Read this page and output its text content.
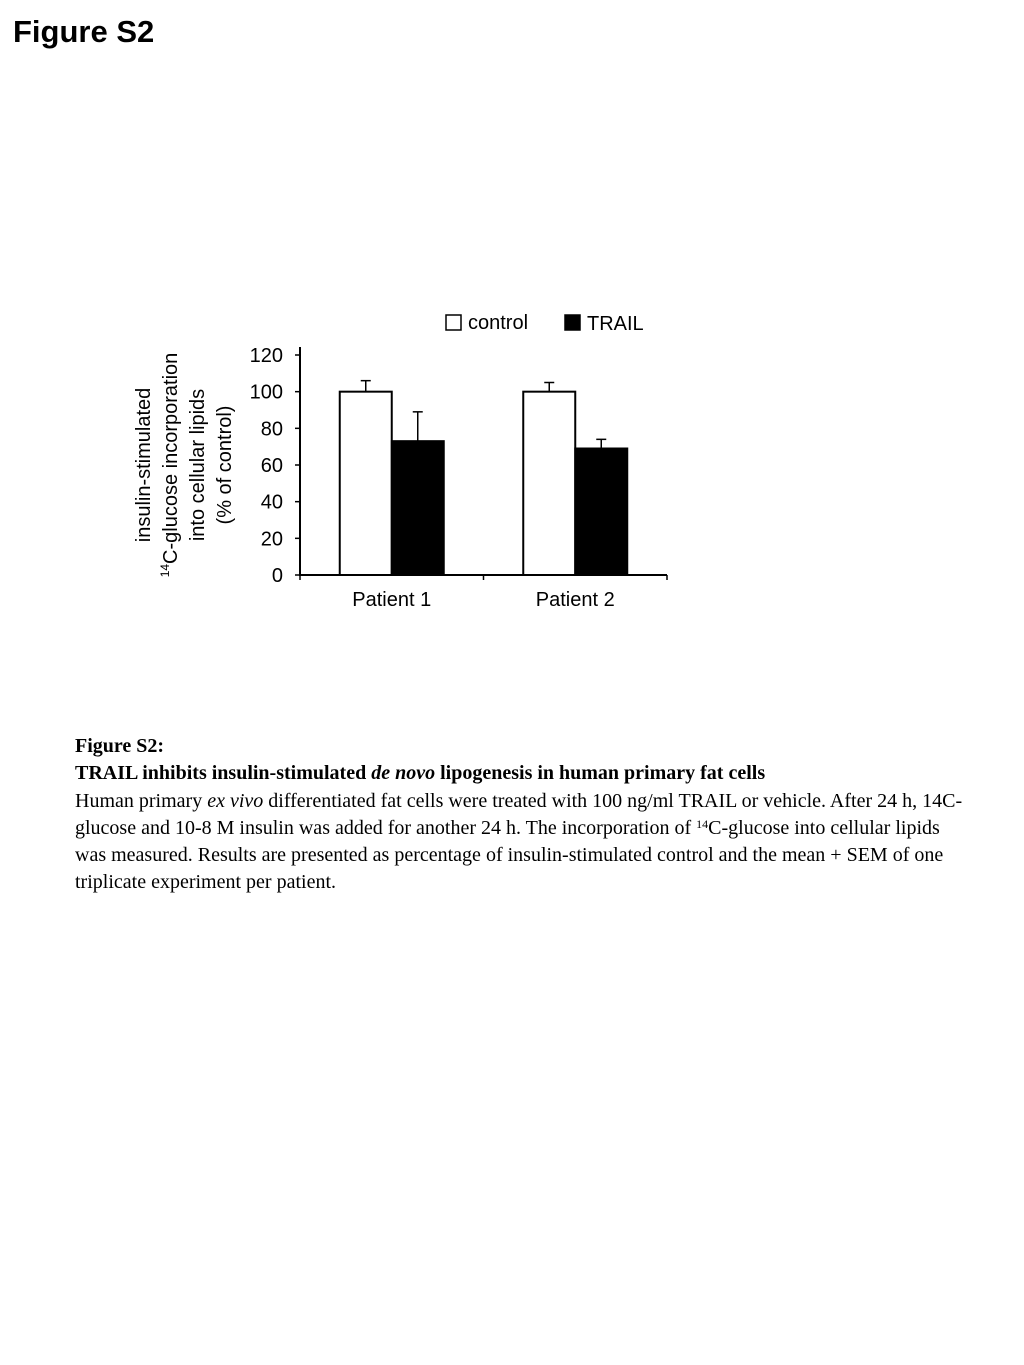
Figure S2
control	TRAIL
insulin-stimulated
$^{14}$C-glucose incorporation into cellular lipids (% of control)
0
20
40
60
80
100
120
Patient 1	Patient 2

Figure S2:

TRAIL inhibits insulin-stimulated de novo lipogenesis in human primary fat cells

Human primary ex vivo differentiated fat cells were treated with 100 ng/ml TRAIL or vehicle. After 24 h, 14C-glucose and 10-8 M insulin was added for another 24 h. The incorporation of $^{14}$C-glucose into cellular lipids was measured. Results are presented as percentage of insulin-stimulated control and the mean + SEM of one triplicate experiment per patient.
